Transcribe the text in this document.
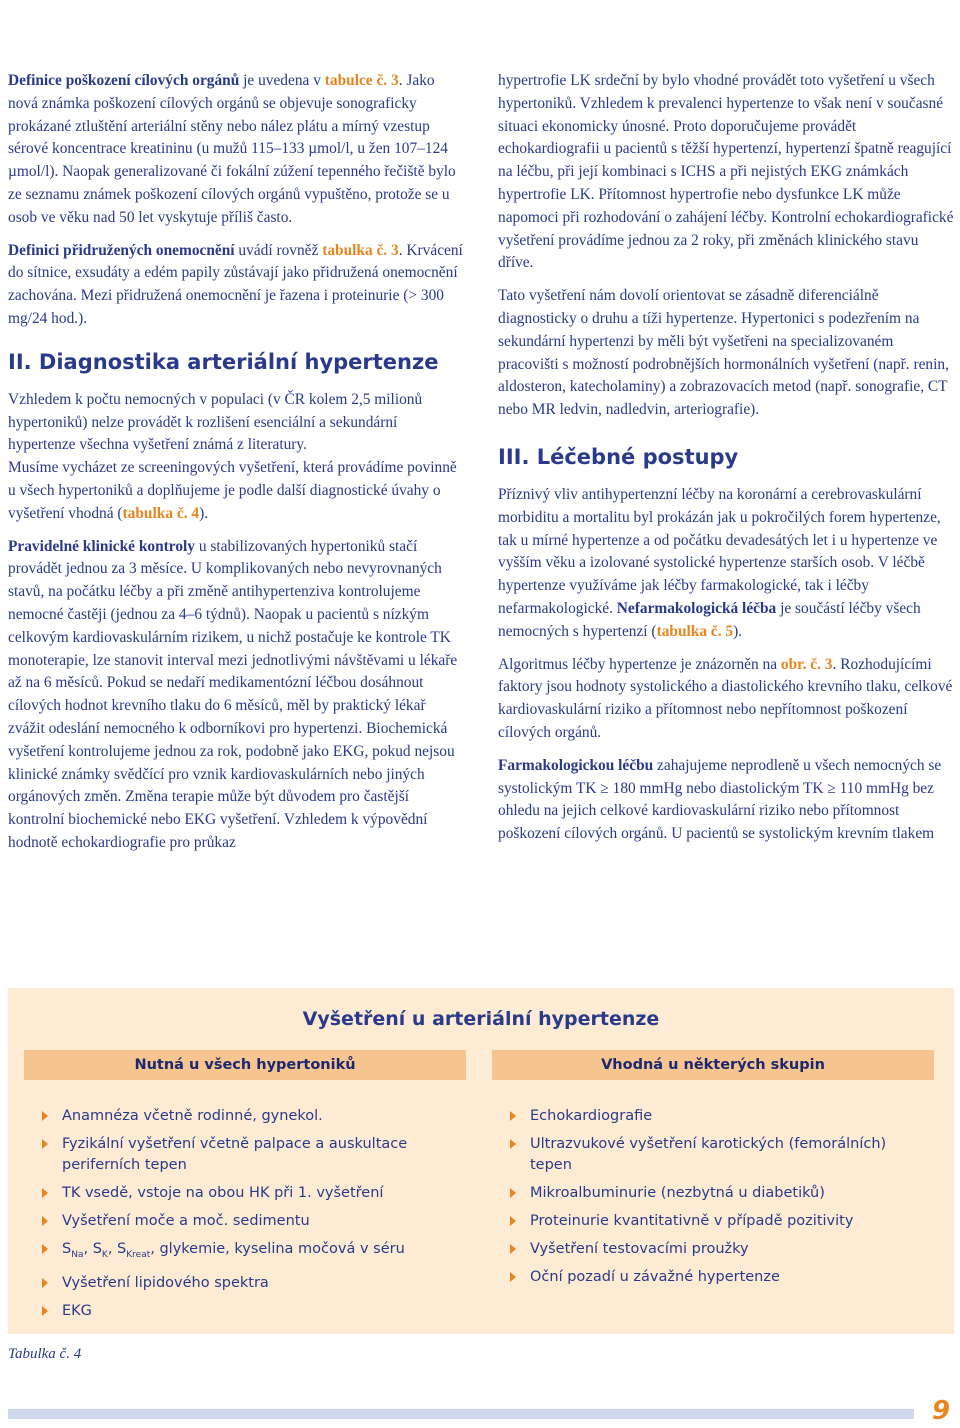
Definice poškození cílových orgánů je uvedena v tabulce č. 3. Jako nová známka poškození cílových orgánů se objevuje sonograficky prokázané ztluštění arteriální stěny nebo nález plátu a mírný vzestup sérové koncentrace kreatininu (u mužů 115–133 µmol/l, u žen 107–124 µmol/l). Naopak generalizované či fokální zúžení tepenného řečiště bylo ze seznamu známek poškození cílových orgánů vypuštěno, protože se u osob ve věku nad 50 let vyskytuje příliš často.

Definici přidružených onemocnění uvádí rovněž tabulka č. 3. Krvácení do sítnice, exsudáty a edém papily zůstávají jako přidružená onemocnění zachována. Mezi přidružená onemocnění je řazena i proteinurie (> 300 mg/24 hod.).

II. Diagnostika arteriální hypertenze

Vzhledem k počtu nemocných v populaci (v ČR kolem 2,5 milionů hypertoniků) nelze provádět k rozlišení esenciální a sekundární hypertenze všechna vyšetření známá z literatury.

Musíme vycházet ze screeningových vyšetření, která provádíme povinně u všech hypertoniků a doplňujeme je podle další diagnostické úvahy o vyšetření vhodná (tabulka č. 4).

Pravidelné klinické kontroly u stabilizovaných hypertoniků stačí provádět jednou za 3 měsíce. U komplikovaných nebo nevyrovnaných stavů, na počátku léčby a při změně antihypertenziva kontrolujeme nemocné častěji (jednou za 4–6 týdnů). Naopak u pacientů s nízkým celkovým kardiovaskulárním rizikem, u nichž postačuje ke kontrole TK monoterapie, lze stanovit interval mezi jednotlivými návštěvami u lékaře až na 6 měsíců. Pokud se nedaří medikamentózní léčbou dosáhnout cílových hodnot krevního tlaku do 6 měsíců, měl by praktický lékař zvážit odeslání nemocného k odborníkovi pro hypertenzi. Biochemická vyšetření kontrolujeme jednou za rok, podobně jako EKG, pokud nejsou klinické známky svědčící pro vznik kardiovaskulárních nebo jiných orgánových změn. Změna terapie může být důvodem pro častější kontrolní biochemické nebo EKG vyšetření. Vzhledem k výpovědní hodnotě echokardiografie pro průkaz

hypertrofie LK srdeční by bylo vhodné provádět toto vyšetření u všech hypertoniků. Vzhledem k prevalenci hypertenze to však není v současné situaci ekonomicky únosné. Proto doporučujeme provádět echokardiografii u pacientů s těžší hypertenzí, hypertenzí špatně reagující na léčbu, při její kombinaci s ICHS a při nejistých EKG známkách hypertrofie LK. Přítomnost hypertrofie nebo dysfunkce LK může napomoci při rozhodování o zahájení léčby. Kontrolní echokardiografické vyšetření provádíme jednou za 2 roky, při změnách klinického stavu dříve.

Tato vyšetření nám dovolí orientovat se zásadně diferenciálně diagnosticky o druhu a tíži hypertenze. Hypertonici s podezřením na sekundární hypertenzi by měli být vyšetřeni na specializovaném pracovišti s možností podrobnějších hormonálních vyšetření (např. renin, aldosteron, katecholaminy) a zobrazovacích metod (např. sonografie, CT nebo MR ledvin, nadledvin, arteriografie).

III. Léčebné postupy

Příznivý vliv antihypertenzní léčby na koronární a cerebrovaskulární morbiditu a mortalitu byl prokázán jak u pokročilých forem hypertenze, tak u mírné hypertenze a od počátku devadesátých let i u hypertenze ve vyšším věku a izolované systolické hypertenze starších osob. V léčbě hypertenze využíváme jak léčby farmakologické, tak i léčby nefarmakologické. Nefarmakologická léčba je součástí léčby všech nemocných s hypertenzí (tabulka č. 5).

Algoritmus léčby hypertenze je znázorněn na obr. č. 3. Rozhodujícími faktory jsou hodnoty systolického a diastolického krevního tlaku, celkové kardiovaskulární riziko a přítomnost nebo nepřítomnost poškození cílových orgánů.

Farmakologickou léčbu zahajujeme neprodleně u všech nemocných se systolickým TK ≥ 180 mmHg nebo diastolickým TK ≥ 110 mmHg bez ohledu na jejich celkové kardiovaskulární riziko nebo přítomnost poškození cílových orgánů. U pacientů se systolickým krevním tlakem

Vyšetření u arteriální hypertenze
Nutná u všech hypertoniků	Vhodná u některých skupin
Anamnéza včetně rodinné, gynekol.
Fyzikální vyšetření včetně palpace a auskultace periferních tepen
TK vsedě, vstoje na obou HK při 1. vyšetření
Vyšetření moče a moč. sedimentu
$S_{Na}$, $S_K$, $S_{Kreat}$, glykemie, kyselina močová v séru
Vyšetření lipidového spektra
EKG
Echokardiografie
Ultrazvukové vyšetření karotických (femorálních) tepen
Mikroalbuminurie (nezbytná u diabetiků)
Proteinurie kvantitativně v případě pozitivity
Vyšetření testovacími proužky
Oční pozadí u závažné hypertenze
Tabulka č. 4
9
